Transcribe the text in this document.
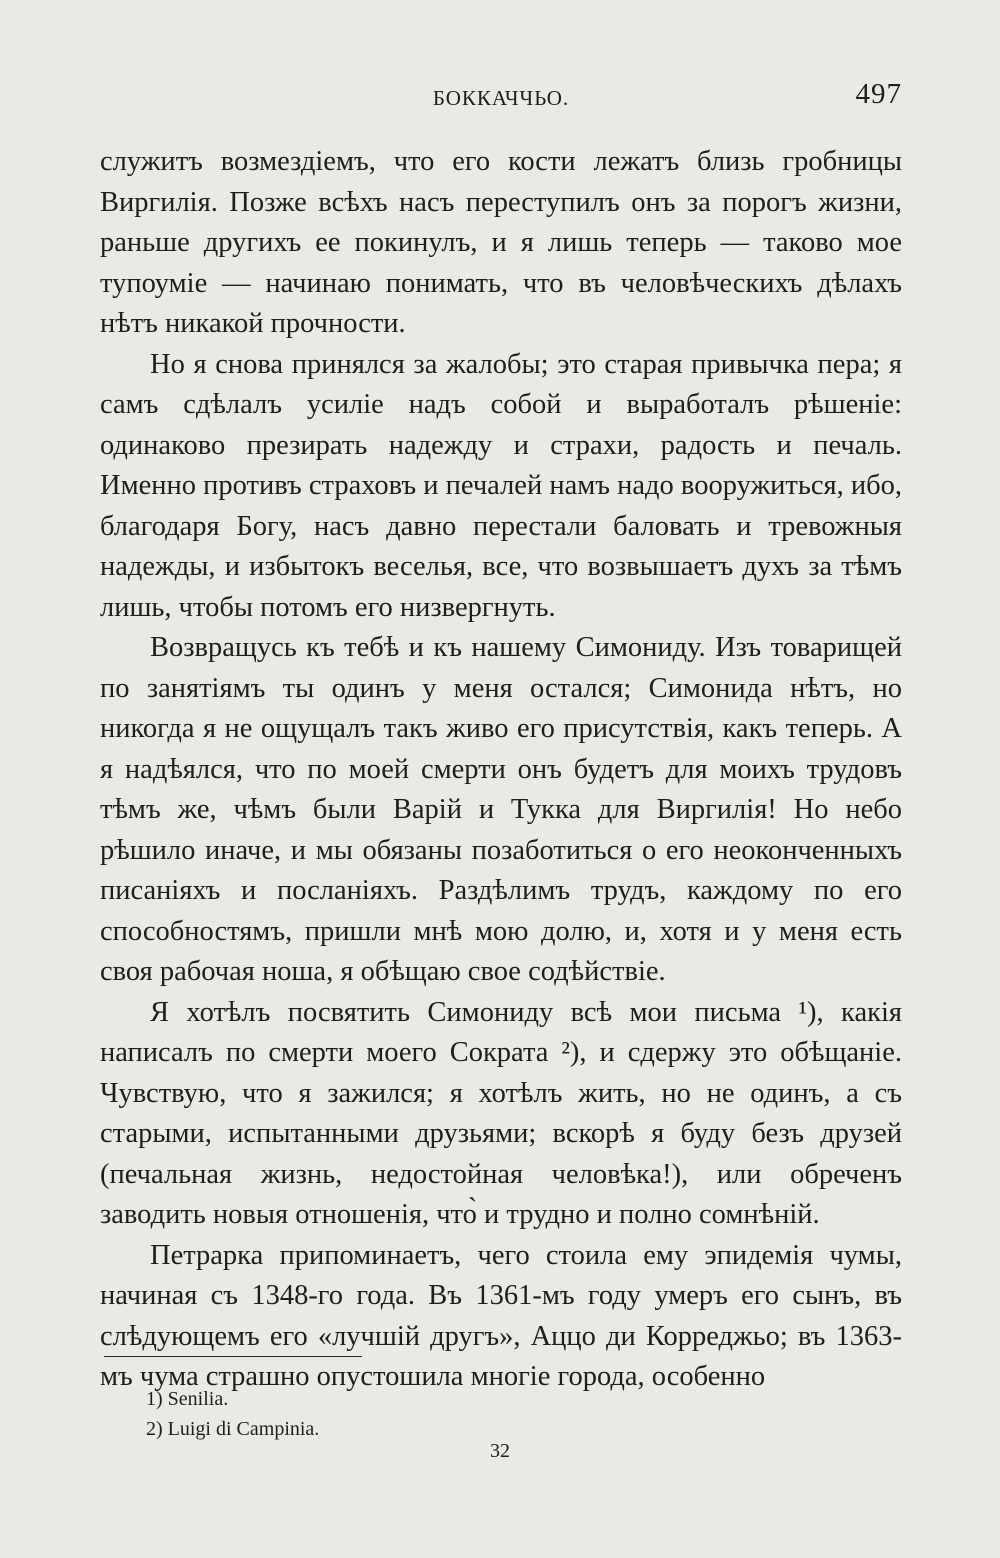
БОККАЧЧЬО.	497

служитъ возмездіемъ, что его кости лежатъ близь гробницы Виргилія. Позже всѣхъ насъ переступилъ онъ за порогъ жизни, раньше другихъ ее покинулъ, и я лишь теперь — таково мое тупоуміе — начинаю понимать, что въ человѣческихъ дѣлахъ нѣтъ никакой прочности.

Но я снова принялся за жалобы; это старая привычка пера; я самъ сдѣлалъ усиліе надъ собой и выработалъ рѣшеніе: одинаково презирать надежду и страхи, радость и печаль. Именно противъ страховъ и печалей намъ надо вооружиться, ибо, благодаря Богу, насъ давно перестали баловать и тревожныя надежды, и избытокъ веселья, все, что возвышаетъ духъ за тѣмъ лишь, чтобы потомъ его низвергнуть.

Возвращусь къ тебѣ и къ нашему Симониду. Изъ товарищей по занятіямъ ты одинъ у меня остался; Симонида нѣтъ, но никогда я не ощущалъ такъ живо его присутствія, какъ теперь. А я надѣялся, что по моей смерти онъ будетъ для моихъ трудовъ тѣмъ же, чѣмъ были Варій и Тукка для Виргилія! Но небо рѣшило иначе, и мы обязаны позаботиться о его неоконченныхъ писаніяхъ и посланіяхъ. Раздѣлимъ трудъ, каждому по его способностямъ, пришли мнѣ мою долю, и, хотя и у меня есть своя рабочая ноша, я обѣщаю свое содѣйствіе.

Я хотѣлъ посвятить Симониду всѣ мои письма ¹), какія написалъ по смерти моего Сократа ²), и сдержу это обѣщаніе. Чувствую, что я зажился; я хотѣлъ жить, но не одинъ, а съ старыми, испытанными друзьями; вскорѣ я буду безъ друзей (печальная жизнь, недостойная человѣка!), или обреченъ заводить новыя отношенія, что̀ и трудно и полно сомнѣній.

Петрарка припоминаетъ, чего стоила ему эпидемія чумы, начиная съ 1348-го года. Въ 1361-мъ году умеръ его сынъ, въ слѣдующемъ его «лучшій другъ», Аццо ди Корреджьо; въ 1363-мъ чума страшно опустошила многіе города, особенно

1) Senilia.
2) Luigi di Campinia.
32
